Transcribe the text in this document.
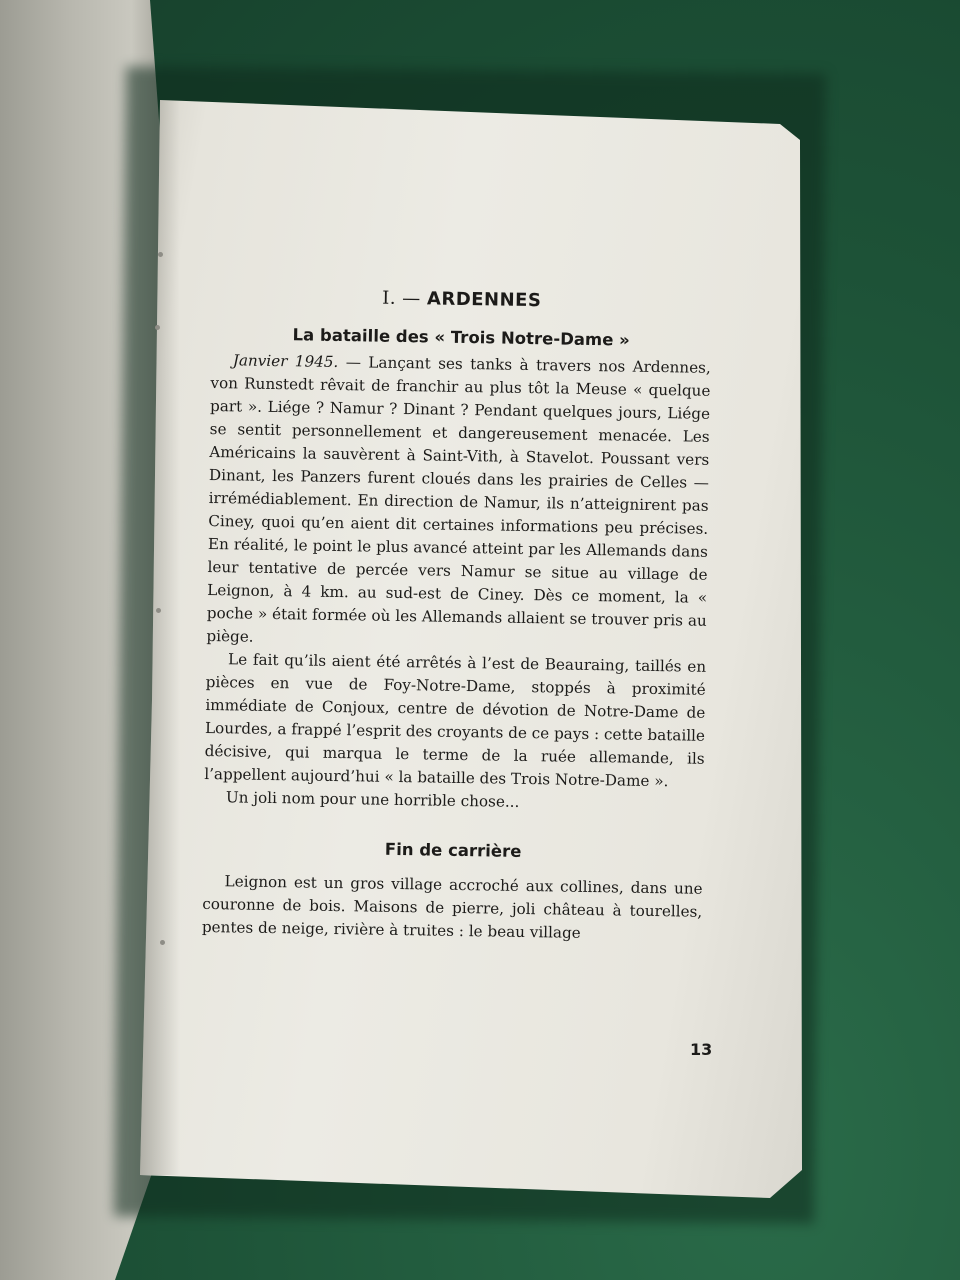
I. — ARDENNES
La bataille des « Trois Notre-Dame »

Janvier 1945. — Lançant ses tanks à travers nos Ardennes, von Runstedt rêvait de franchir au plus tôt la Meuse « quelque part ». Liége ? Namur ? Dinant ? Pendant quelques jours, Liége se sentit personnellement et dangereusement menacée. Les Américains la sauvèrent à Saint-Vith, à Stavelot. Poussant vers Dinant, les Panzers furent cloués dans les prairies de Celles — irrémédiablement. En direction de Namur, ils n’atteignirent pas Ciney, quoi qu’en aient dit certaines informations peu précises. En réalité, le point le plus avancé atteint par les Allemands dans leur tentative de percée vers Namur se situe au village de Leignon, à 4 km. au sud-est de Ciney. Dès ce moment, la « poche » était formée où les Allemands allaient se trouver pris au piège.

Le fait qu’ils aient été arrêtés à l’est de Beauraing, taillés en pièces en vue de Foy-Notre-Dame, stoppés à proximité immédiate de Conjoux, centre de dévotion de Notre-Dame de Lourdes, a frappé l’esprit des croyants de ce pays : cette bataille décisive, qui marqua le terme de la ruée allemande, ils l’appellent aujourd’hui « la bataille des Trois Notre-Dame ».

Un joli nom pour une horrible chose...

Fin de carrière

Leignon est un gros village accroché aux collines, dans une couronne de bois. Maisons de pierre, joli château à tourelles, pentes de neige, rivière à truites : le beau village

13
